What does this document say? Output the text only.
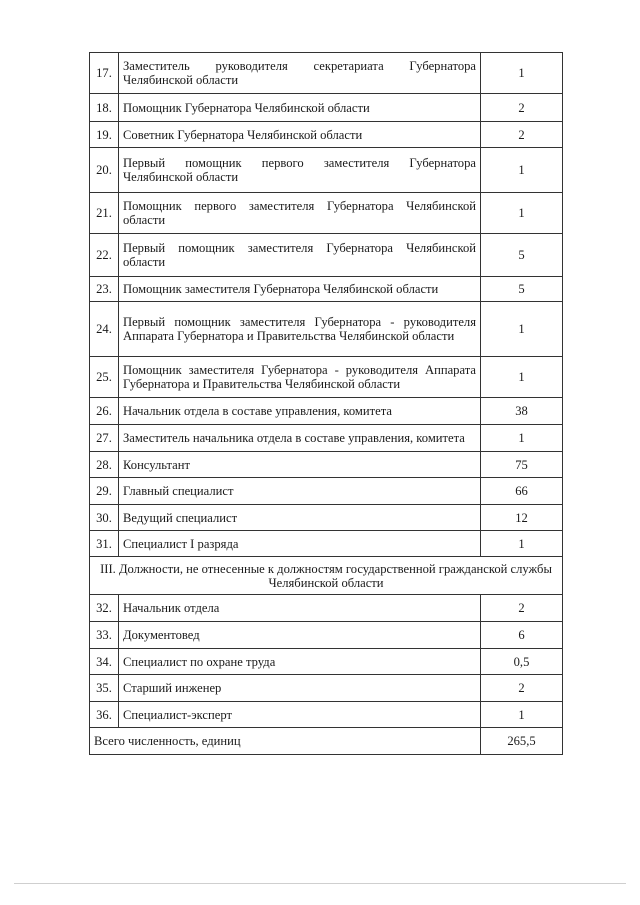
17.	Заместитель руководителя секретариата Губернатора Челябинской области	1
18.	Помощник Губернатора Челябинской области	2
19.	Советник Губернатора Челябинской области	2
20.	Первый помощник первого заместителя Губернатора Челябинской области	1
21.	Помощник первого заместителя Губернатора Челябинской области	1
22.	Первый помощник заместителя Губернатора Челябинской области	5
23.	Помощник заместителя Губернатора Челябинской области	5
24.	Первый помощник заместителя Губернатора - руководителя Аппарата Губернатора и Правительства Челябинской области	1
25.	Помощник заместителя Губернатора - руководителя Аппарата Губернатора и Правительства Челябинской области	1
26.	Начальник отдела в составе управления, комитета	38
27.	Заместитель начальника отдела в составе управления, комитета	1
28.	Консультант	75
29.	Главный специалист	66
30.	Ведущий специалист	12
31.	Специалист I разряда	1
III. Должности, не отнесенные к должностям государственной гражданской службы Челябинской области		
32.	Начальник отдела	2
33.	Документовед	6
34.	Специалист по охране труда	0,5
35.	Старший инженер	2
36.	Специалист-эксперт	1
Всего численность, единиц		265,5
